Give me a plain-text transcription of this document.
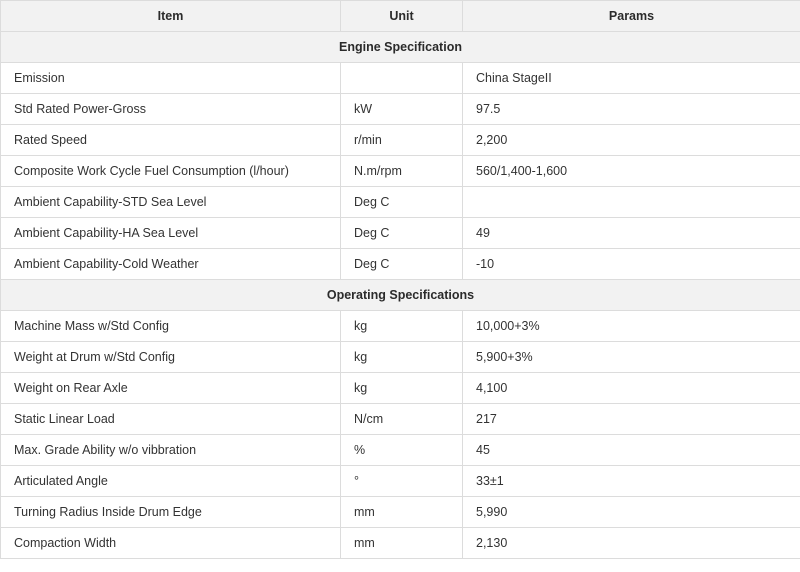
Item	Unit	Params
Engine Specification		
Emission		China StageII
Std Rated Power-Gross	kW	97.5
Rated Speed	r/min	2,200
Composite Work Cycle Fuel Consumption (l/hour)	N.m/rpm	560/1,400-1,600
Ambient Capability-STD Sea Level	Deg C	
Ambient Capability-HA Sea Level	Deg C	49
Ambient Capability-Cold Weather	Deg C	-10
Operating Specifications		
Machine Mass w/Std Config	kg	10,000+3%
Weight at Drum w/Std Config	kg	5,900+3%
Weight on Rear Axle	kg	4,100
Static Linear Load	N/cm	217
Max. Grade Ability w/o vibbration	%	45
Articulated Angle	°	33±1
Turning Radius Inside Drum Edge	mm	5,990
Compaction Width	mm	2,130
